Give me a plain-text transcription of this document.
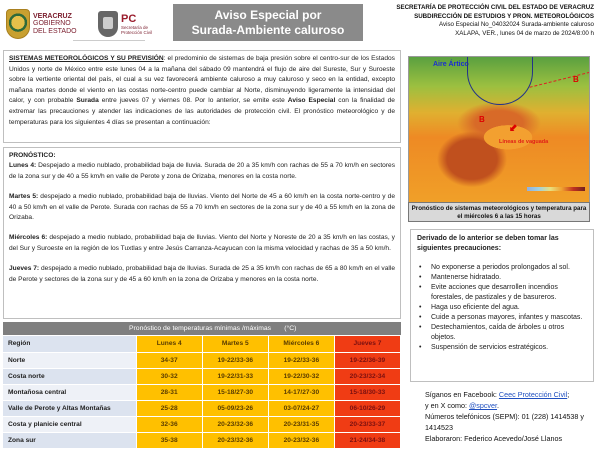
VERACRUZ
GOBIERNO
DEL ESTADO
PC
Secretaría de
Protección Civil
Aviso Especial por
Surada-Ambiente caluroso
SECRETARÍA DE PROTECCIÓN CIVIL DEL ESTADO DE VERACRUZ
SUBDIRECCIÓN DE ESTUDIOS Y PRON. METEOROLÓGICOS
Aviso Especial No_04032024 Surada-ambiente caluroso
XALAPA, VER., lunes 04 de marzo de 2024/8:00 h
SISTEMAS METEOROLÓGICOS Y SU PREVISIÓN: el predominio de sistemas de baja presión sobre el centro-sur de los Estados Unidos y norte de México entre este lunes 04 a la mañana del sábado 09 mantendrá el flujo de aire del Sureste, Sur y Suroeste sobre la vertiente oriental del país, el cual a su vez favorecerá ambiente caluroso a muy caluroso y seco en la entidad, excepto mañana martes donde el viento en las costas norte-centro puede cambiar al Norte, disminuyendo ligeramente la intensidad del calor, y con probable Surada entre jueves 07 y viernes 08. Por lo anterior, se emite este Aviso Especial con la finalidad de extremar las precauciones y atender las indicaciones de las autoridades de protección civil. El pronóstico meteorológico y de temperaturas para los siguientes 4 días se presentan a continuación:
PRONÓSTICO:

Lunes 4: Despejado a medio nublado, probabilidad baja de lluvia. Surada de 20 a 35 km/h con rachas de 55 a 70 km/h en sectores de la zona sur y de 40 a 55 km/h en valle de Perote y zona de Orizaba, menores en la costa norte.

Martes 5: despejado a medio nublado, probabilidad baja de lluvias. Viento del Norte de 45 a 60 km/h en la costa norte-centro y de 40 a 50 km/h en el valle de Perote. Surada con rachas de 55 a 70 km/h en sectores de la zona sur y de 40 a 55 km/h en la zona de Orizaba.

Miércoles 6: despejado a medio nublado, probabilidad baja de lluvias. Viento del Norte y Noreste de 20 a 35 km/h en las costas, y del Sur y Suroeste en la región de los Tuxtlas y entre Jesús Carranza-Acayucan con la misma velocidad y rachas de 35 a 50 km/h.

Jueves 7: despejado a medio nublado, probabilidad baja de lluvias. Surada de 25 a 35 km/h con rachas de 65 a 80 km/h en el valle de Perote y sectores de la zona sur y de 45 a 60 km/h en la zona de Orizaba y menores en la costa norte.

Pronóstico de temperaturas mínimas /máximas (°C)
Región	Lunes 4	Martes 5	Miércoles 6	Jueves 7
Norte	34-37	19-22/33-36	19-22/33-36	19-22/36-39
Costa norte	30-32	19-22/31-33	19-22/30-32	20-23/32-34
Montañosa central	28-31	15-18/27-30	14-17/27-30	15-18/30-33
Valle de Perote y Altas Montañas	25-28	05-09/23-26	03-07/24-27	06-10/26-29
Costa y planicie central	32-36	20-23/32-36	20-23/31-35	20-23/33-37
Zona sur	35-38	20-23/32-36	20-23/32-36	21-24/34-38
Aire Ártico
B
B
⬋
Líneas de vaguada
Pronóstico de sistemas meteorológicos y temperatura para el miércoles 6 a las 15 horas
Derivado de lo anterior se deben tomar las siguientes precauciones:
• No exponerse a periodos prolongados al sol.
• Mantenerse hidratado.
• Evite acciones que desarrollen incendios forestales, de pastizales y de basureros.
• Haga uso eficiente del agua.
• Cuide a personas mayores, infantes y mascotas.
• Destechamientos, caída de árboles u otros objetos.
• Suspensión de servicios estratégicos.
Síganos en Facebook: Ceec Protección Civil;
y en X como: @spcver.
Números telefónicos (SEPM): 01 (228) 1414538 y 1414523
Elaboraron: Federico Acevedo/José Llanos
